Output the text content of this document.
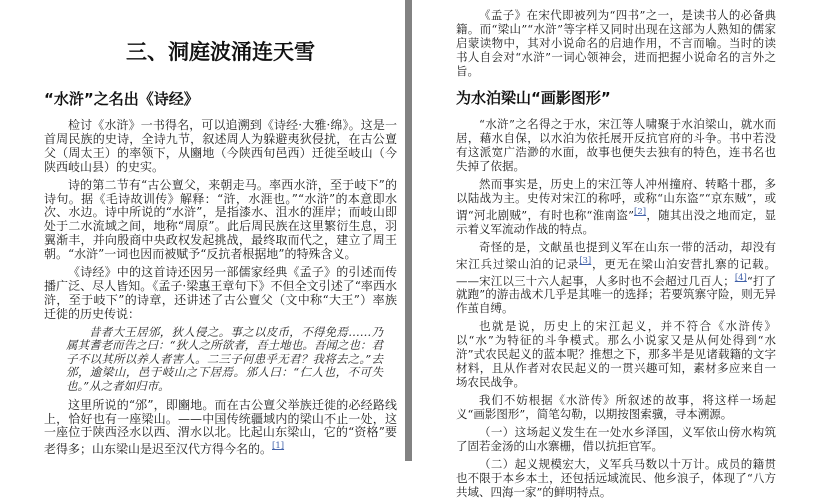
三、洞庭波涌连天雪
“水浒”之名出《诗经》

检讨《水浒》一书得名，可以追溯到《诗经·大雅·绵》。这是一首周民族的史诗，全诗九节，叙述周人为躲避夷狄侵扰，在古公亶父（周太王）的率领下，从豳地（今陕西旬邑西）迁徙至岐山（今陕西岐山县）的史实。

诗的第二节有“古公亶父，来朝走马。率西水浒，至于岐下”的诗句。据《毛诗故训传》解释：“浒，水涯也。”“水浒”的本意即水次、水边。诗中所说的“水浒”，是指漆水、沮水的涯岸；而岐山即处于二水流域之间，地称“周原”。此后周民族在这里繁衍生息，羽翼渐丰，并向殷商中央政权发起挑战，最终取而代之，建立了周王朝。“水浒”一词也因而被赋予“反抗者根据地”的特殊含义。

《诗经》中的这首诗还因另一部儒家经典《孟子》的引述而传播广泛、尽人皆知。《孟子·梁惠王章句下》不但全文引述了“率西水浒，至于岐下”的诗章，还讲述了古公亶父（文中称“大王”）率族迁徙的历史传说：

昔者大王居邠，狄人侵之。事之以皮币，不得免焉……乃属其耆老而告之曰：“狄人之所欲者，吾土地也。吾闻之也：君子不以其所以养人者害人。二三子何患乎无君？我将去之。”去邠，逾梁山，邑于岐山之下居焉。邠人曰：“仁人也，不可失也。”从之者如归市。

这里所说的“邠”，即豳地。而在古公亶父举族迁徙的必经路线上，恰好也有一座梁山。——中国传统疆域内的梁山不止一处，这一座位于陕西泾水以西、渭水以北。比起山东梁山，它的“资格”要老得多；山东梁山是迟至汉代方得今名的。[1]

《孟子》在宋代即被列为“四书”之一，是读书人的必备典籍。而“梁山”“水浒”等字样又同时出现在这部为人熟知的儒家启蒙读物中，其对小说命名的启迪作用，不言而喻。当时的读书人自会对“水浒”一词心领神会，进而把握小说命名的言外之旨。

为水泊梁山“画影图形”

“水浒”之名得之于水，宋江等人啸聚于水泊梁山，就水而居，藉水自保，以水泊为依托展开反抗官府的斗争。书中若没有这派宽广浩渺的水面，故事也便失去独有的特色，连书名也失掉了依据。

然而事实是，历史上的宋江等人冲州撞府、转略十郡，多以陆战为主。史传对宋江的称呼，或称“山东盗”“京东贼”，或谓“河北剧贼”，有时也称“淮南盗”[2]，随其出没之地而定，显示着义军流动作战的特点。

奇怪的是，文献虽也提到义军在山东一带的活动，却没有宋江兵过梁山泊的记录[3]，更无在梁山泊安营扎寨的记载。——宋江以三十六人起事，人多时也不会超过几百人；[4]“打了就跑”的游击战术几乎是其唯一的选择；若要筑寨守险，则无异作茧自缚。

也就是说，历史上的宋江起义，并不符合《水浒传》以“水”为特征的斗争模式。那么小说家又是从何处得到“水浒”式农民起义的蓝本呢？推想之下，那多半是见诸载籍的文字材料，且从作者对农民起义的一贯兴趣可知，素材多应来自一场农民战争。

我们不妨根据《水浒传》所叙述的故事，将这样一场起义“画影图形”，简笔勾勒，以期按图索骥，寻本溯源。

（一）这场起义发生在一处水乡泽国，义军依山傍水构筑了固若金汤的山水寨栅，借以抗拒官军。

（二）起义规模宏大，义军兵马数以十万计。成员的籍贯也不限于本乡本土，还包括远域流民、他乡浪子，体现了“八方共域、四海一家”的鲜明特点。
